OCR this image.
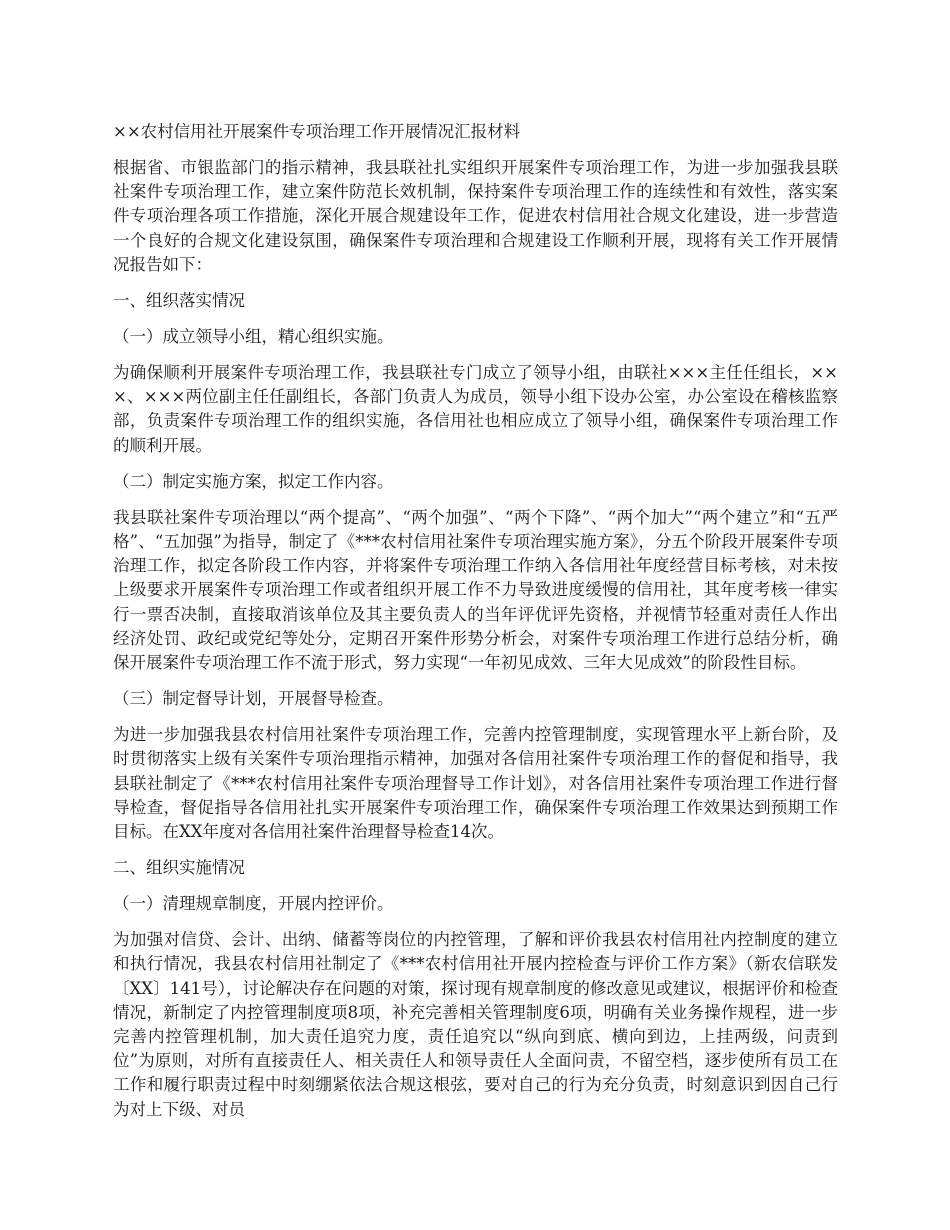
××农村信用社开展案件专项治理工作开展情况汇报材料

根据省、市银监部门的指示精神，我县联社扎实组织开展案件专项治理工作，为进一步加强我县联社案件专项治理工作，建立案件防范长效机制，保持案件专项治理工作的连续性和有效性，落实案件专项治理各项工作措施，深化开展合规建设年工作，促进农村信用社合规文化建设，进一步营造一个良好的合规文化建设氛围，确保案件专项治理和合规建设工作顺利开展，现将有关工作开展情况报告如下：

一、组织落实情况
（一）成立领导小组，精心组织实施。

为确保顺利开展案件专项治理工作，我县联社专门成立了领导小组，由联社×××主任任组长，×××、×××两位副主任任副组长，各部门负责人为成员，领导小组下设办公室，办公室设在稽核监察部，负责案件专项治理工作的组织实施，各信用社也相应成立了领导小组，确保案件专项治理工作的顺利开展。

（二）制定实施方案，拟定工作内容。

我县联社案件专项治理以“两个提高”、“两个加强”、“两个下降”、“两个加大”“两个建立”和“五严格”、“五加强”为指导，制定了《***农村信用社案件专项治理实施方案》，分五个阶段开展案件专项治理工作，拟定各阶段工作内容，并将案件专项治理工作纳入各信用社年度经营目标考核，对未按上级要求开展案件专项治理工作或者组织开展工作不力导致进度缓慢的信用社，其年度考核一律实行一票否决制，直接取消该单位及其主要负责人的当年评优评先资格，并视情节轻重对责任人作出经济处罚、政纪或党纪等处分，定期召开案件形势分析会，对案件专项治理工作进行总结分析，确保开展案件专项治理工作不流于形式，努力实现“一年初见成效、三年大见成效”的阶段性目标。

（三）制定督导计划，开展督导检查。

为进一步加强我县农村信用社案件专项治理工作，完善内控管理制度，实现管理水平上新台阶，及时贯彻落实上级有关案件专项治理指示精神，加强对各信用社案件专项治理工作的督促和指导，我县联社制定了《***农村信用社案件专项治理督导工作计划》，对各信用社案件专项治理工作进行督导检查，督促指导各信用社扎实开展案件专项治理工作，确保案件专项治理工作效果达到预期工作目标。在XX年度对各信用社案件治理督导检查14次。

二、组织实施情况
（一）清理规章制度，开展内控评价。

为加强对信贷、会计、出纳、储蓄等岗位的内控管理，了解和评价我县农村信用社内控制度的建立和执行情况，我县农村信用社制定了《***农村信用社开展内控检查与评价工作方案》（新农信联发〔XX〕141号），讨论解决存在问题的对策，探讨现有规章制度的修改意见或建议，根据评价和检查情况，新制定了内控管理制度项8项，补充完善相关管理制度6项，明确有关业务操作规程，进一步完善内控管理机制，加大责任追究力度，责任追究以“纵向到底、横向到边，上挂两级，问责到位”为原则，对所有直接责任人、相关责任人和领导责任人全面问责，不留空档，逐步使所有员工在工作和履行职责过程中时刻绷紧依法合规这根弦，要对自己的行为充分负责，时刻意识到因自己行为对上下级、对员
